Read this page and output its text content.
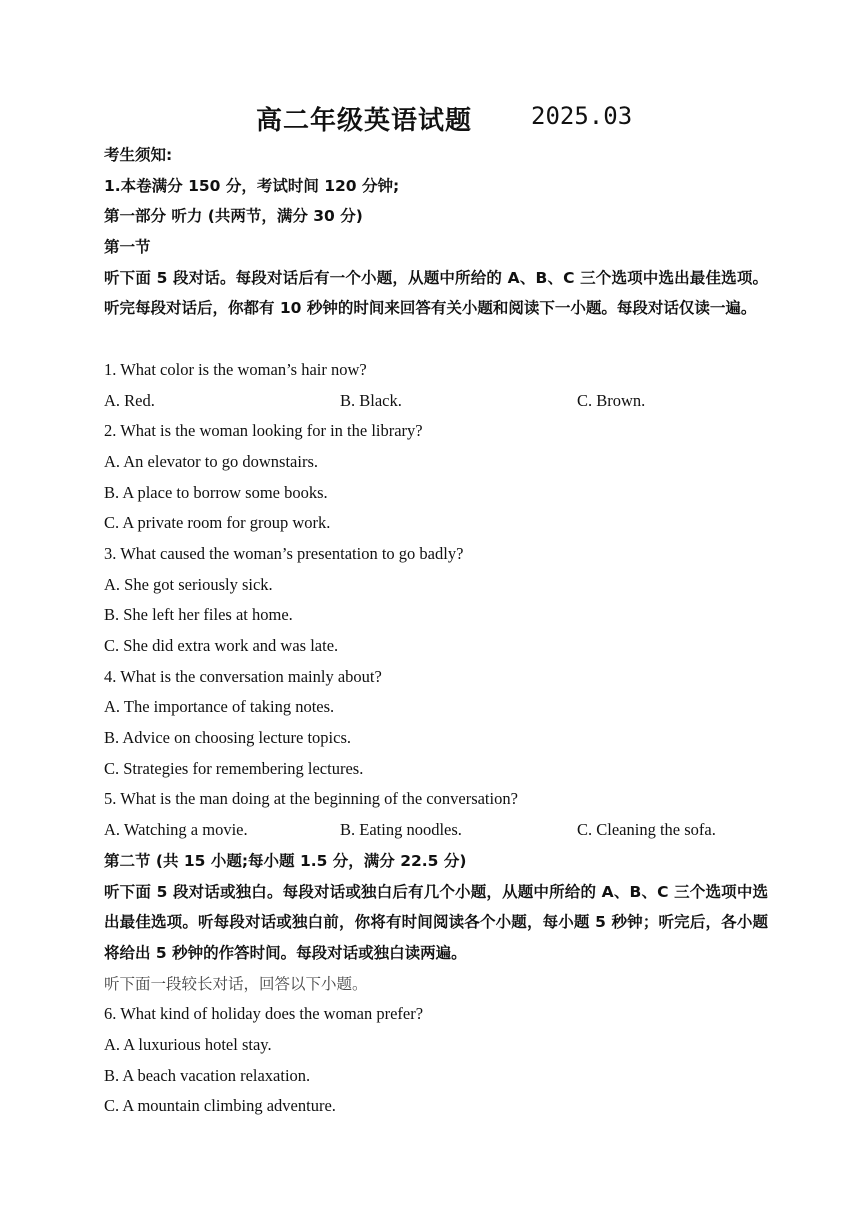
高二年级英语试题 2025.03
考生须知:
1.本卷满分 150 分，考试时间 120 分钟;
第一部分 听力 (共两节，满分 30 分)
第一节
听下面 5 段对话。每段对话后有一个小题，从题中所给的 A、B、C 三个选项中选出最佳选项。听完每段对话后，你都有 10 秒钟的时间来回答有关小题和阅读下一小题。每段对话仅读一遍。
1. What color is the woman’s hair now?
A. Red.	B. Black.	C. Brown.
2. What is the woman looking for in the library?
A. An elevator to go downstairs.
B. A place to borrow some books.
C. A private room for group work.
3. What caused the woman’s presentation to go badly?
A. She got seriously sick.
B. She left her files at home.
C. She did extra work and was late.
4. What is the conversation mainly about?
A. The importance of taking notes.
B. Advice on choosing lecture topics.
C. Strategies for remembering lectures.
5. What is the man doing at the beginning of the conversation?
A. Watching a movie.	B. Eating noodles.	C. Cleaning the sofa.
第二节 (共 15 小题;每小题 1.5 分，满分 22.5 分)
听下面 5 段对话或独白。每段对话或独白后有几个小题，从题中所给的 A、B、C 三个选项中选出最佳选项。听每段对话或独白前，你将有时间阅读各个小题，每小题 5 秒钟；听完后，各小题将给出 5 秒钟的作答时间。每段对话或独白读两遍。
听下面一段较长对话，回答以下小题。
6. What kind of holiday does the woman prefer?
A. A luxurious hotel stay.
B. A beach vacation relaxation.
C. A mountain climbing adventure.
